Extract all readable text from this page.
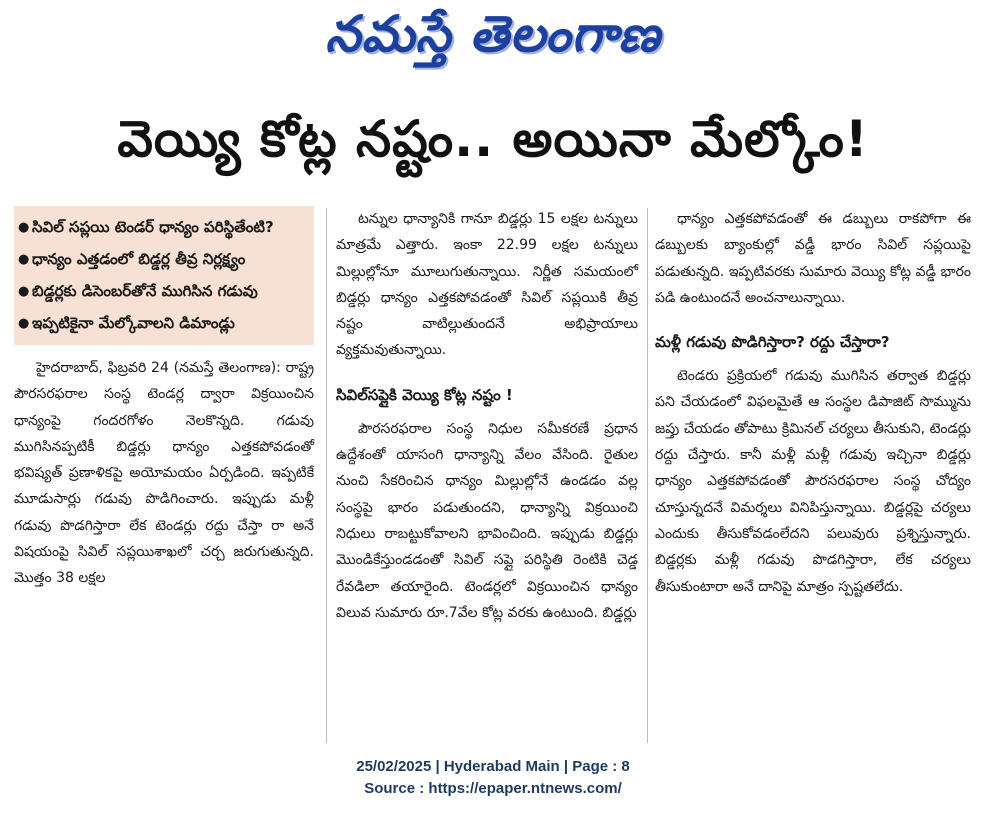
నమస్తే తెలంగాణ
వెయ్యి కోట్ల నష్టం.. అయినా మేల్కోం!
● సివిల్ సప్లయి టెండర్ ధాన్యం పరిస్థితేంటి?
● ధాన్యం ఎత్తడంలో బిడ్డర్ల తీవ్ర నిర్లక్ష్యం
● బిడ్డర్లకు డిసెంబర్‌తోనే ముగిసిన గడువు
● ఇప్పటికైనా మేల్కోవాలని డిమాండ్లు

హైదరాబాద్, ఫిబ్రవరి 24 (నమస్తే తెలంగాణ): రాష్ట్ర పౌరసరఫరాల సంస్థ టెండర్ల ద్వారా విక్రయించిన ధాన్యంపై గందరగోళం నెలకొన్నది. గడువు ముగిసినప్పటికీ బిడ్డర్లు ధాన్యం ఎత్తకపోవడంతో భవిష్యత్ ప్రణాళికపై అయోమయం ఏర్పడింది. ఇప్పటికే మూడుసార్లు గడువు పొడిగించారు. ఇప్పుడు మళ్లీ గడువు పొడగిస్తారా లేక టెండర్లు రద్దు చేస్తా రా అనే విషయంపై సివిల్ సప్లయిశాఖలో చర్చ జరుగుతున్నది. మొత్తం 38 లక్షల

టన్నుల ధాన్యానికి గానూ బిడ్డర్లు 15 లక్షల టన్నులు మాత్రమే ఎత్తారు. ఇంకా 22.99 లక్షల టన్నులు మిల్లుల్లోనూ మూలుగుతున్నాయి. నిర్ణీత సమయంలో బిడ్డర్లు ధాన్యం ఎత్తకపోవడంతో సివిల్ సప్లయికి తీవ్ర నష్టం వాటిల్లుతుందనే అభిప్రాయాలు వ్యక్తమవుతున్నాయి.

సివిల్‌సప్లైకి వెయ్యి కోట్ల నష్టం !

పౌరసరఫరాల సంస్థ నిధుల సమీకరణే ప్రధాన ఉద్దేశంతో యాసంగి ధాన్యాన్ని వేలం వేసింది. రైతుల నుంచి సేకరించిన ధాన్యం మిల్లుల్లోనే ఉండడం వల్ల సంస్థపై భారం పడుతుందని, ధాన్యాన్ని విక్రయించి నిధులు రాబట్టుకోవాలని భావించింది. ఇప్పుడు బిడ్డర్లు మొండికేస్తుండడంతో సివిల్ సప్లై పరిస్థితి రెంటికి చెడ్డ రేవడిలా తయారైంది. టెండర్లలో విక్రయించిన ధాన్యం విలువ సుమారు రూ.7వేల కోట్ల వరకు ఉంటుంది. బిడ్డర్లు

ధాన్యం ఎత్తకపోవడంతో ఈ డబ్బులు రాకపోగా ఈ డబ్బులకు బ్యాంకుల్లో వడ్డీ భారం సివిల్ సప్లయిపై పడుతున్నది. ఇప్పటివరకు సుమారు వెయ్యి కోట్ల వడ్డీ భారం పడి ఉంటుందనే అంచనాలున్నాయి.

మళ్లీ గడువు పొడిగిస్తారా? రద్దు చేస్తారా?

టెండరు ప్రక్రియలో గడువు ముగిసిన తర్వాత బిడ్డర్లు పని చేయడంలో విఫలమైతే ఆ సంస్థల డిపాజిట్ సొమ్మును జప్తు చేయడం తోపాటు క్రిమినల్ చర్యలు తీసుకుని, టెండర్లు రద్దు చేస్తారు. కానీ మళ్లీ మళ్లీ గడువు ఇచ్చినా బిడ్డర్లు ధాన్యం ఎత్తకపోవడంతో పౌరసరఫరాల సంస్థ చోద్యం చూస్తున్నదనే విమర్శలు వినిపిస్తున్నాయి. బిడ్డర్లపై చర్యలు ఎందుకు తీసుకోవడంలేదని పలువురు ప్రశ్నిస్తున్నారు. బిడ్డర్లకు మళ్లీ గడువు పొడగిస్తారా, లేక చర్యలు తీసుకుంటారా అనే దానిపై మాత్రం స్పష్టతలేదు.

25/02/2025 | Hyderabad Main | Page : 8
Source : https://epaper.ntnews.com/
